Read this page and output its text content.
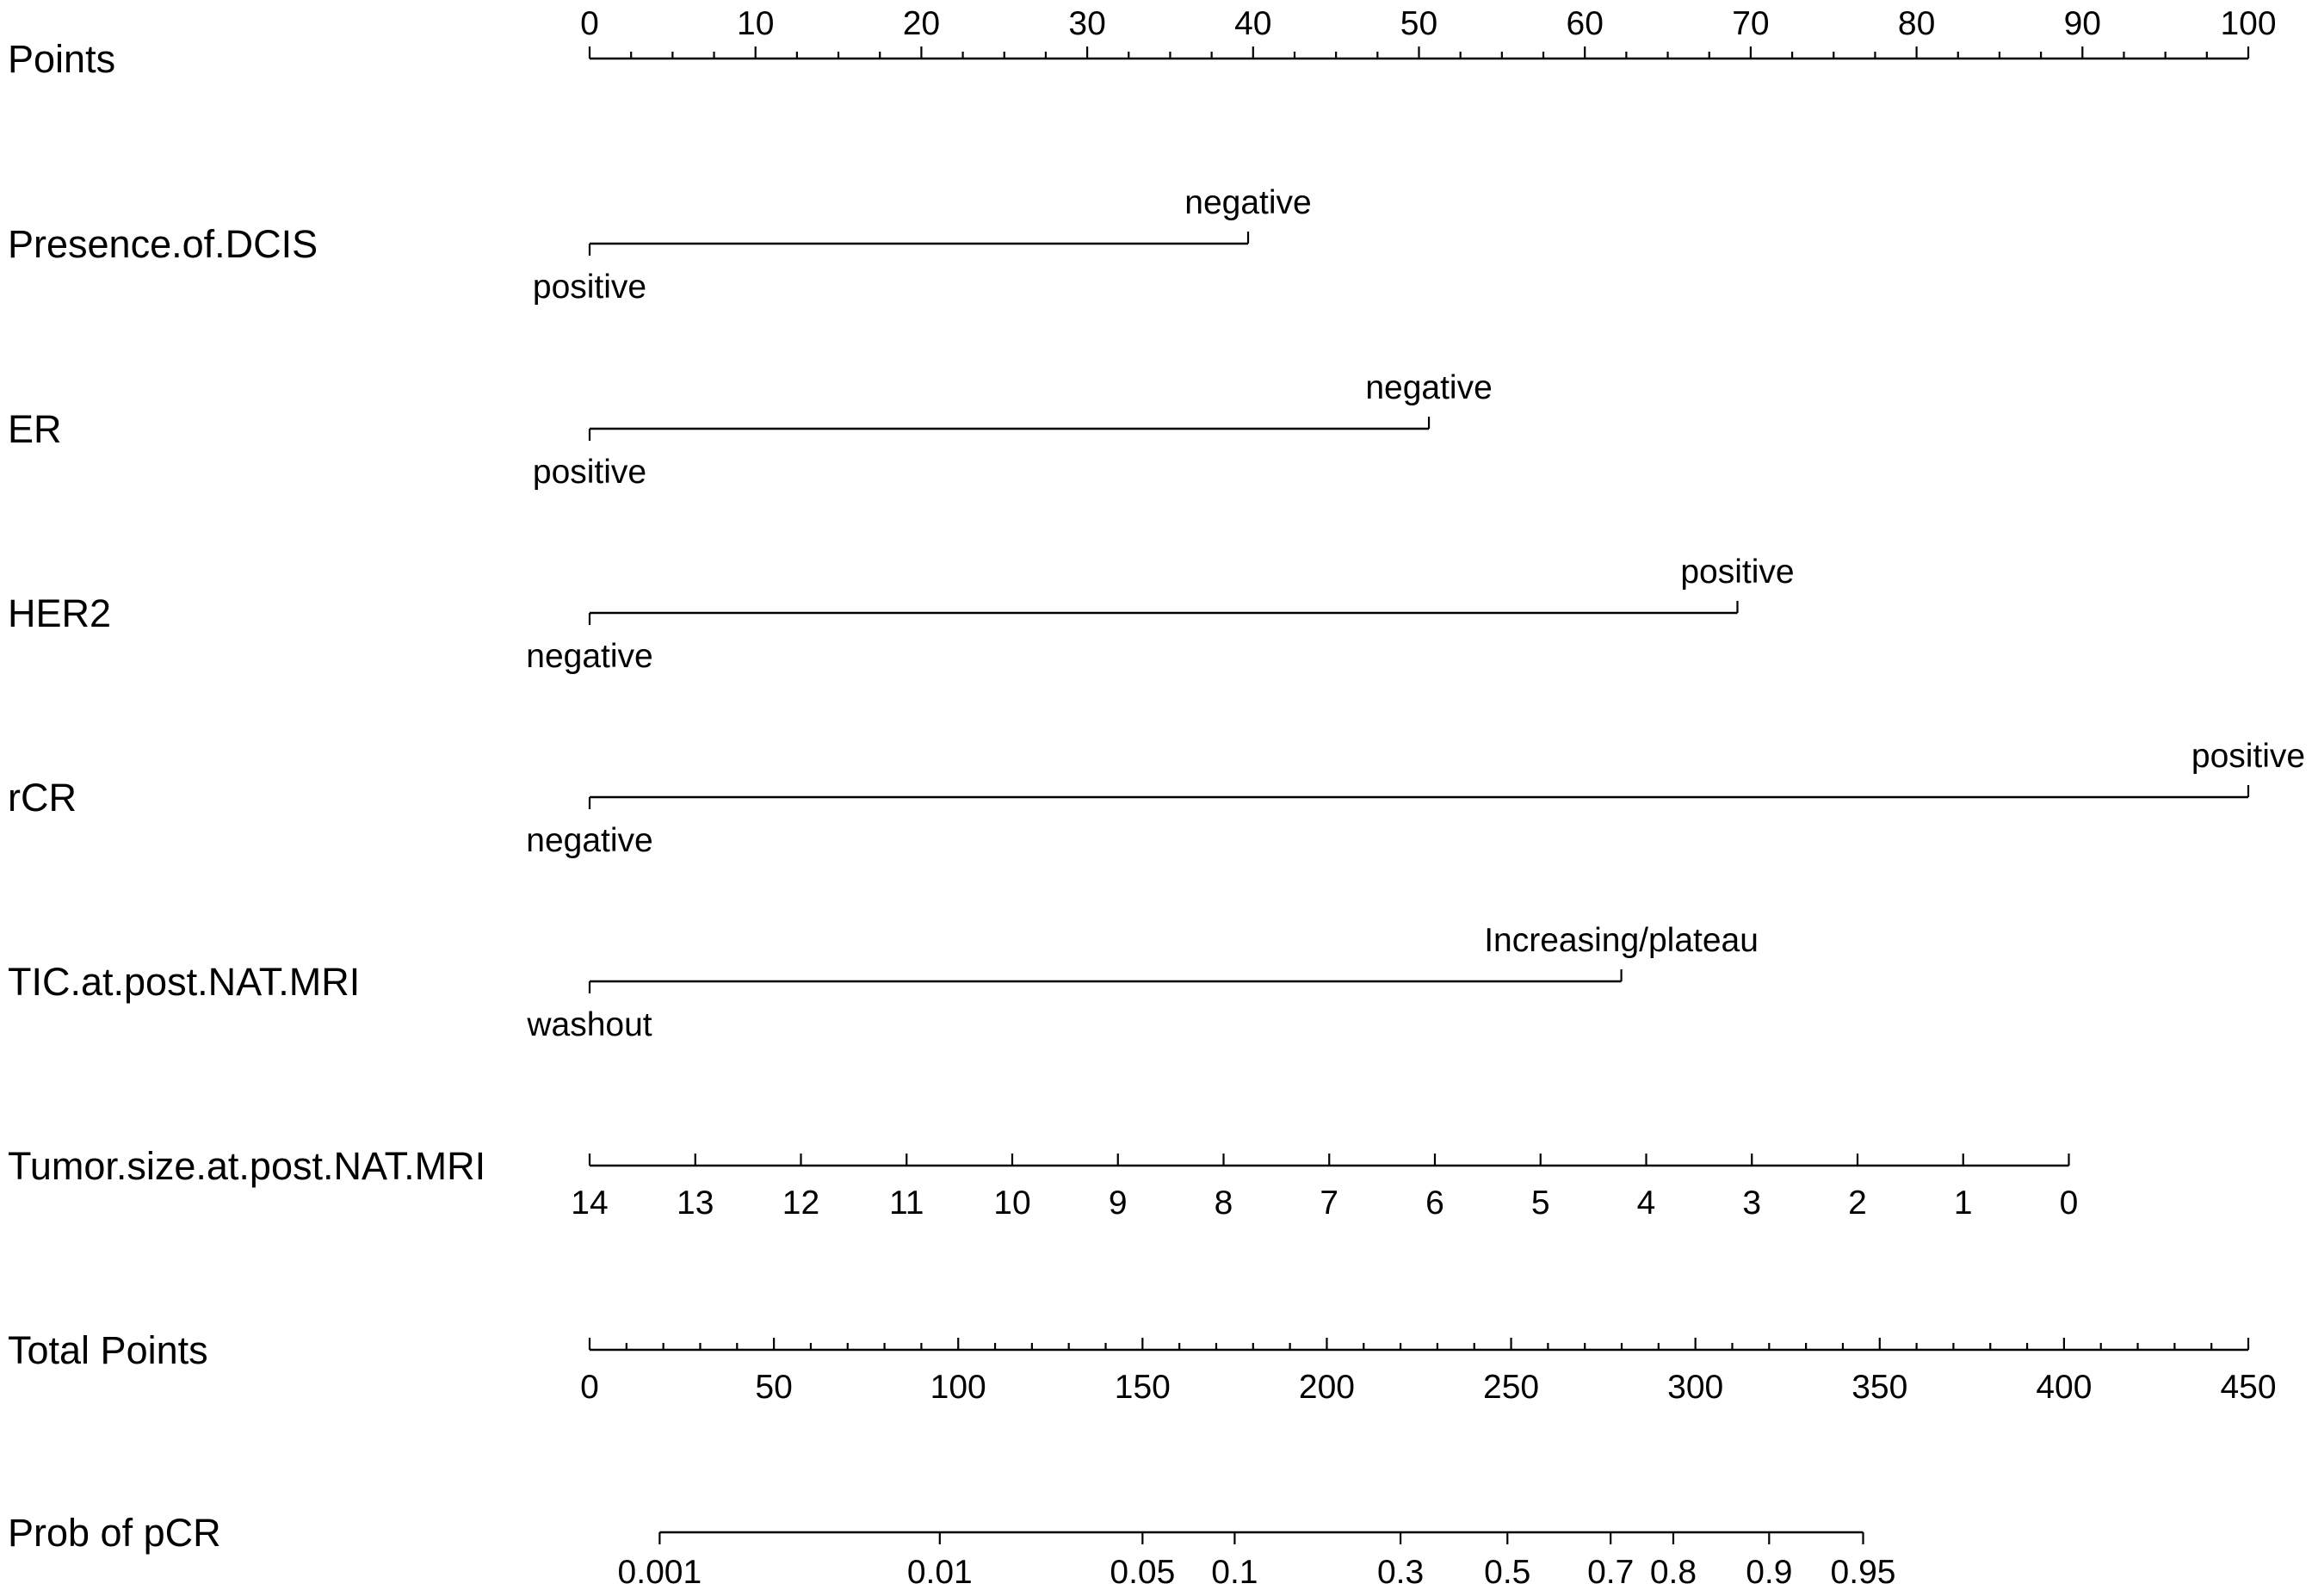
Points
Presence.of.DCIS
ER
HER2
rCR
TIC.at.post.NAT.MRI
Tumor.size.at.post.NAT.MRI
Total Points
Prob of pCR
0	10	20	30	40	50	60	70	80	90	100
positive
negative
positive
negative
negative
positive
negative
positive
washout
Increasing/plateau
14 13 12 11 10 9	8	7	6	5	4	3	2	1	0
0	50	100	150	200	250	300	350	400	450
0.001	0.01	0.05 0.1	0.3 0.5 0.7 0.8 0.9 0.95
